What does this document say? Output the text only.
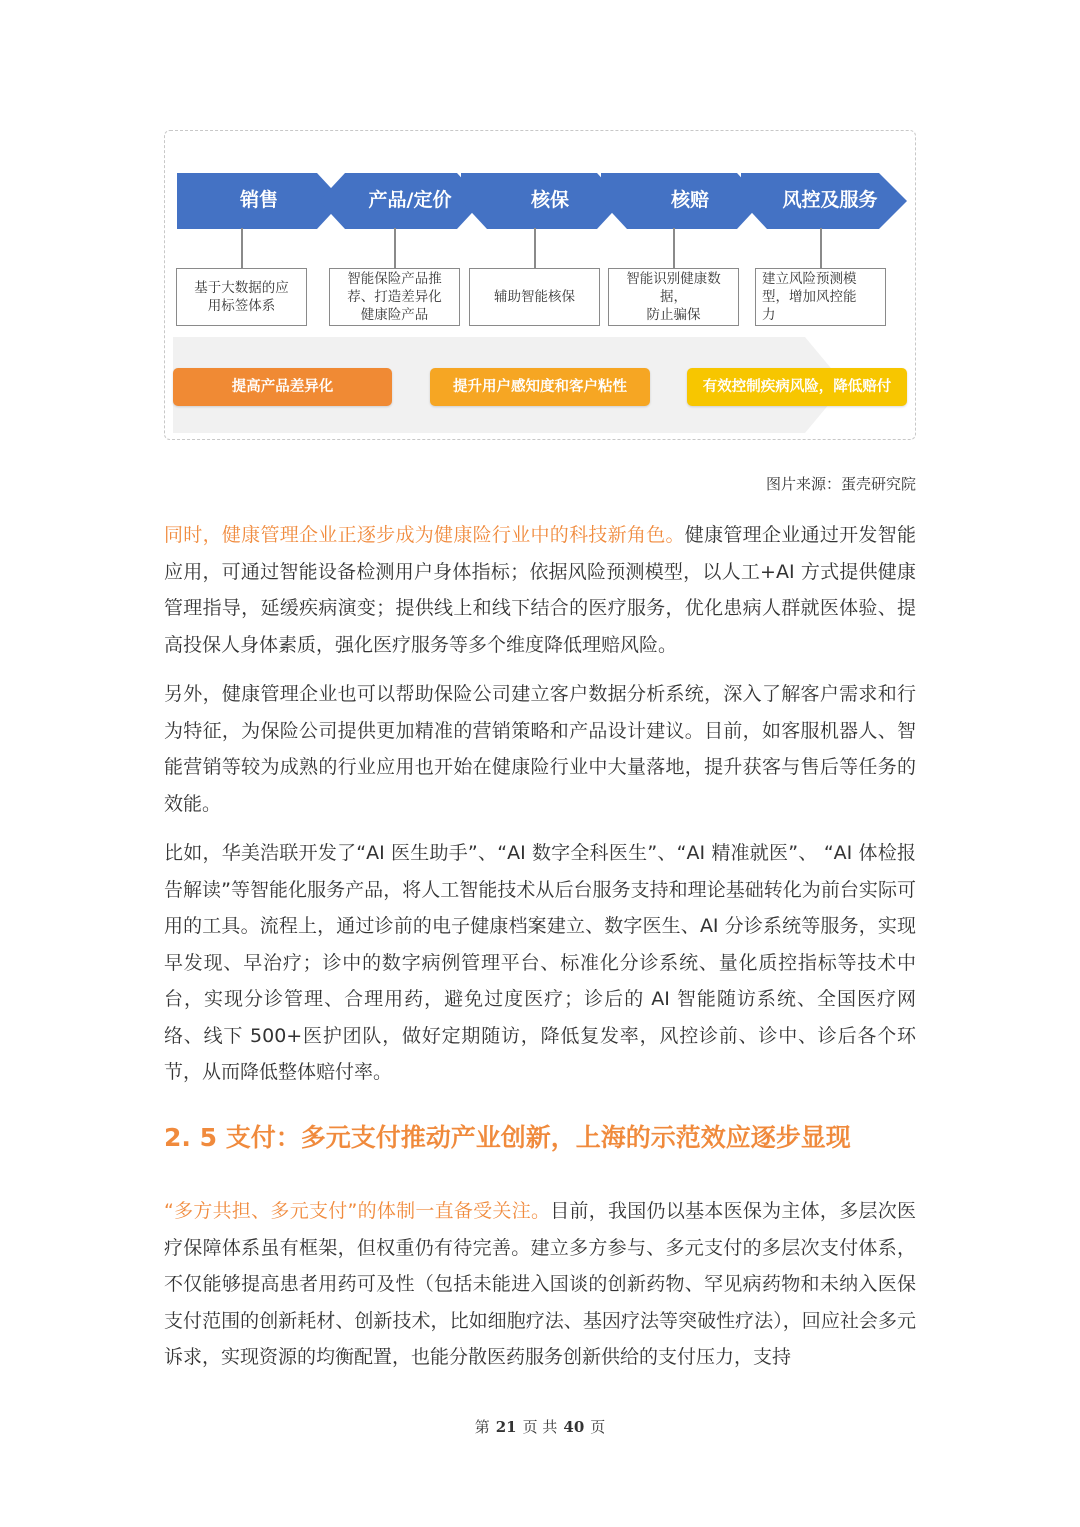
销售	产品/定价	核保	核赔	风控及服务
基于大数据的应
用标签体系
智能保险产品推
荐、打造差异化
健康险产品
辅助智能核保
智能识别健康数
据，
防止骗保
建立风险预测模
型，增加风控能
力
提高产品差异化	提升用户感知度和客户粘性	有效控制疾病风险，降低赔付
图片来源：蛋壳研究院
同时，健康管理企业正逐步成为健康险行业中的科技新角色。健康管理企业通过开发智能应用，可通过智能设备检测用户身体指标；依据风险预测模型，以人工+AI 方式提供健康管理指导，延缓疾病演变；提供线上和线下结合的医疗服务，优化患病人群就医体验、提高投保人身体素质，强化医疗服务等多个维度降低理赔风险。
另外，健康管理企业也可以帮助保险公司建立客户数据分析系统，深入了解客户需求和行为特征，为保险公司提供更加精准的营销策略和产品设计建议。目前，如客服机器人、智能营销等较为成熟的行业应用也开始在健康险行业中大量落地，提升获客与售后等任务的效能。
比如，华美浩联开发了“AI 医生助手”、“AI 数字全科医生”、“AI 精准就医”、 “AI 体检报告解读”等智能化服务产品，将人工智能技术从后台服务支持和理论基础转化为前台实际可用的工具。流程上，通过诊前的电子健康档案建立、数字医生、AI 分诊系统等服务，实现早发现、早治疗；诊中的数字病例管理平台、标准化分诊系统、量化质控指标等技术中台，实现分诊管理、合理用药，避免过度医疗；诊后的 AI 智能随访系统、全国医疗网络、线下 500+医护团队，做好定期随访，降低复发率，风控诊前、诊中、诊后各个环节，从而降低整体赔付率。
2. 5 支付：多元支付推动产业创新，上海的示范效应逐步显现
“多方共担、多元支付”的体制一直备受关注。目前，我国仍以基本医保为主体，多层次医疗保障体系虽有框架，但权重仍有待完善。建立多方参与、多元支付的多层次支付体系，不仅能够提高患者用药可及性（包括未能进入国谈的创新药物、罕见病药物和未纳入医保支付范围的创新耗材、创新技术，比如细胞疗法、基因疗法等突破性疗法），回应社会多元诉求，实现资源的均衡配置，也能分散医药服务创新供给的支付压力，支持
第 21 页 共 40 页
